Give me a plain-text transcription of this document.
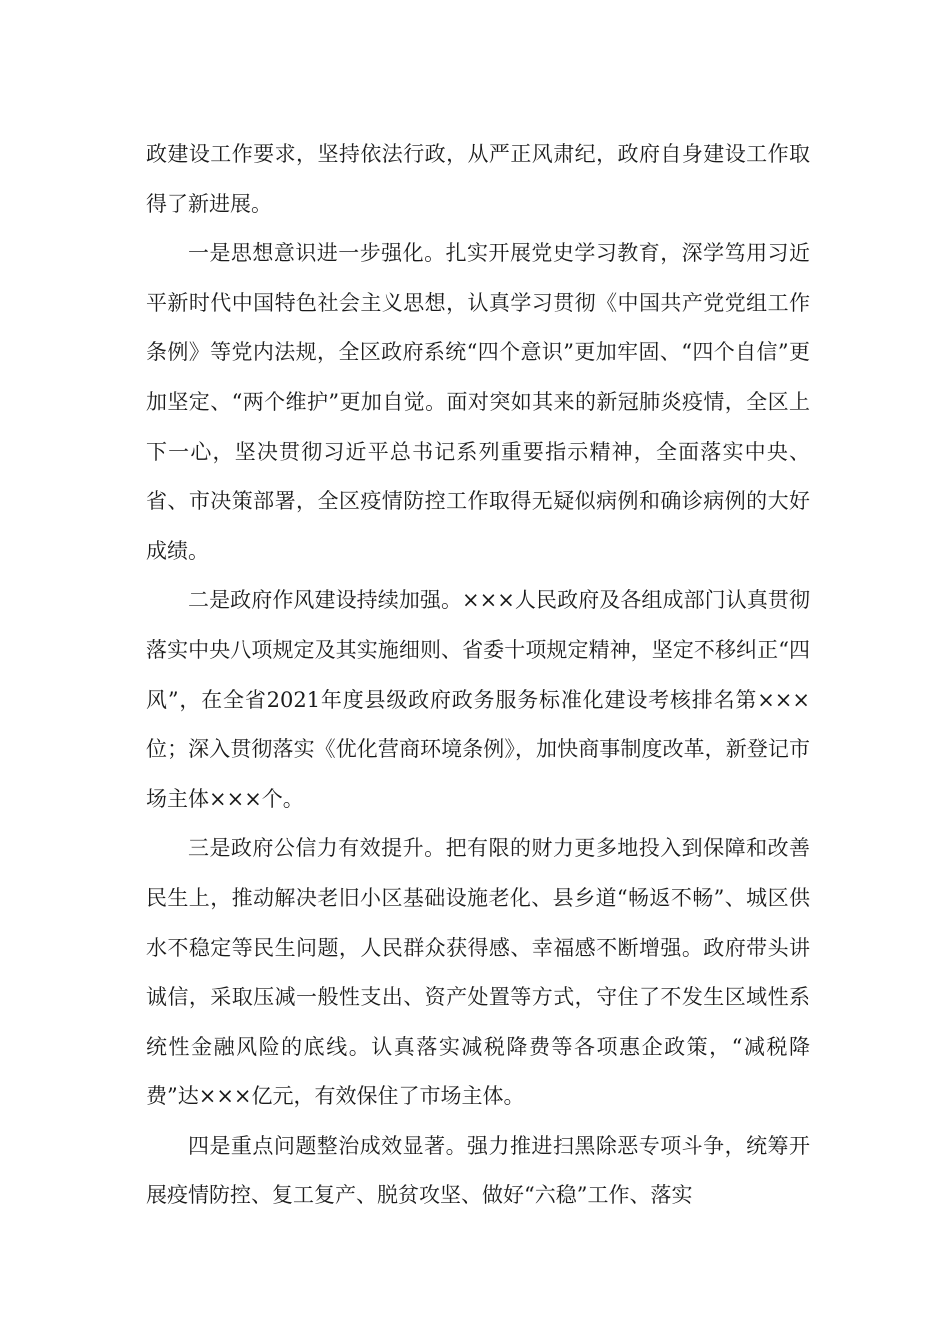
政建设工作要求，坚持依法行政，从严正风肃纪，政府自身建设工作取得了新进展。

一是思想意识进一步强化。扎实开展党史学习教育，深学笃用习近平新时代中国特色社会主义思想，认真学习贯彻《中国共产党党组工作条例》等党内法规，全区政府系统“四个意识”更加牢固、“四个自信”更加坚定、“两个维护”更加自觉。面对突如其来的新冠肺炎疫情，全区上下一心，坚决贯彻习近平总书记系列重要指示精神，全面落实中央、省、市决策部署，全区疫情防控工作取得无疑似病例和确诊病例的大好成绩。

二是政府作风建设持续加强。×××人民政府及各组成部门认真贯彻落实中央八项规定及其实施细则、省委十项规定精神，坚定不移纠正“四风”，在全省2021年度县级政府政务服务标准化建设考核排名第×××位；深入贯彻落实《优化营商环境条例》，加快商事制度改革，新登记市场主体×××个。

三是政府公信力有效提升。把有限的财力更多地投入到保障和改善民生上，推动解决老旧小区基础设施老化、县乡道“畅返不畅”、城区供水不稳定等民生问题，人民群众获得感、幸福感不断增强。政府带头讲诚信，采取压减一般性支出、资产处置等方式，守住了不发生区域性系统性金融风险的底线。认真落实减税降费等各项惠企政策，“减税降费”达×××亿元，有效保住了市场主体。

四是重点问题整治成效显著。强力推进扫黑除恶专项斗争，统筹开展疫情防控、复工复产、脱贫攻坚、做好“六稳”工作、落实
